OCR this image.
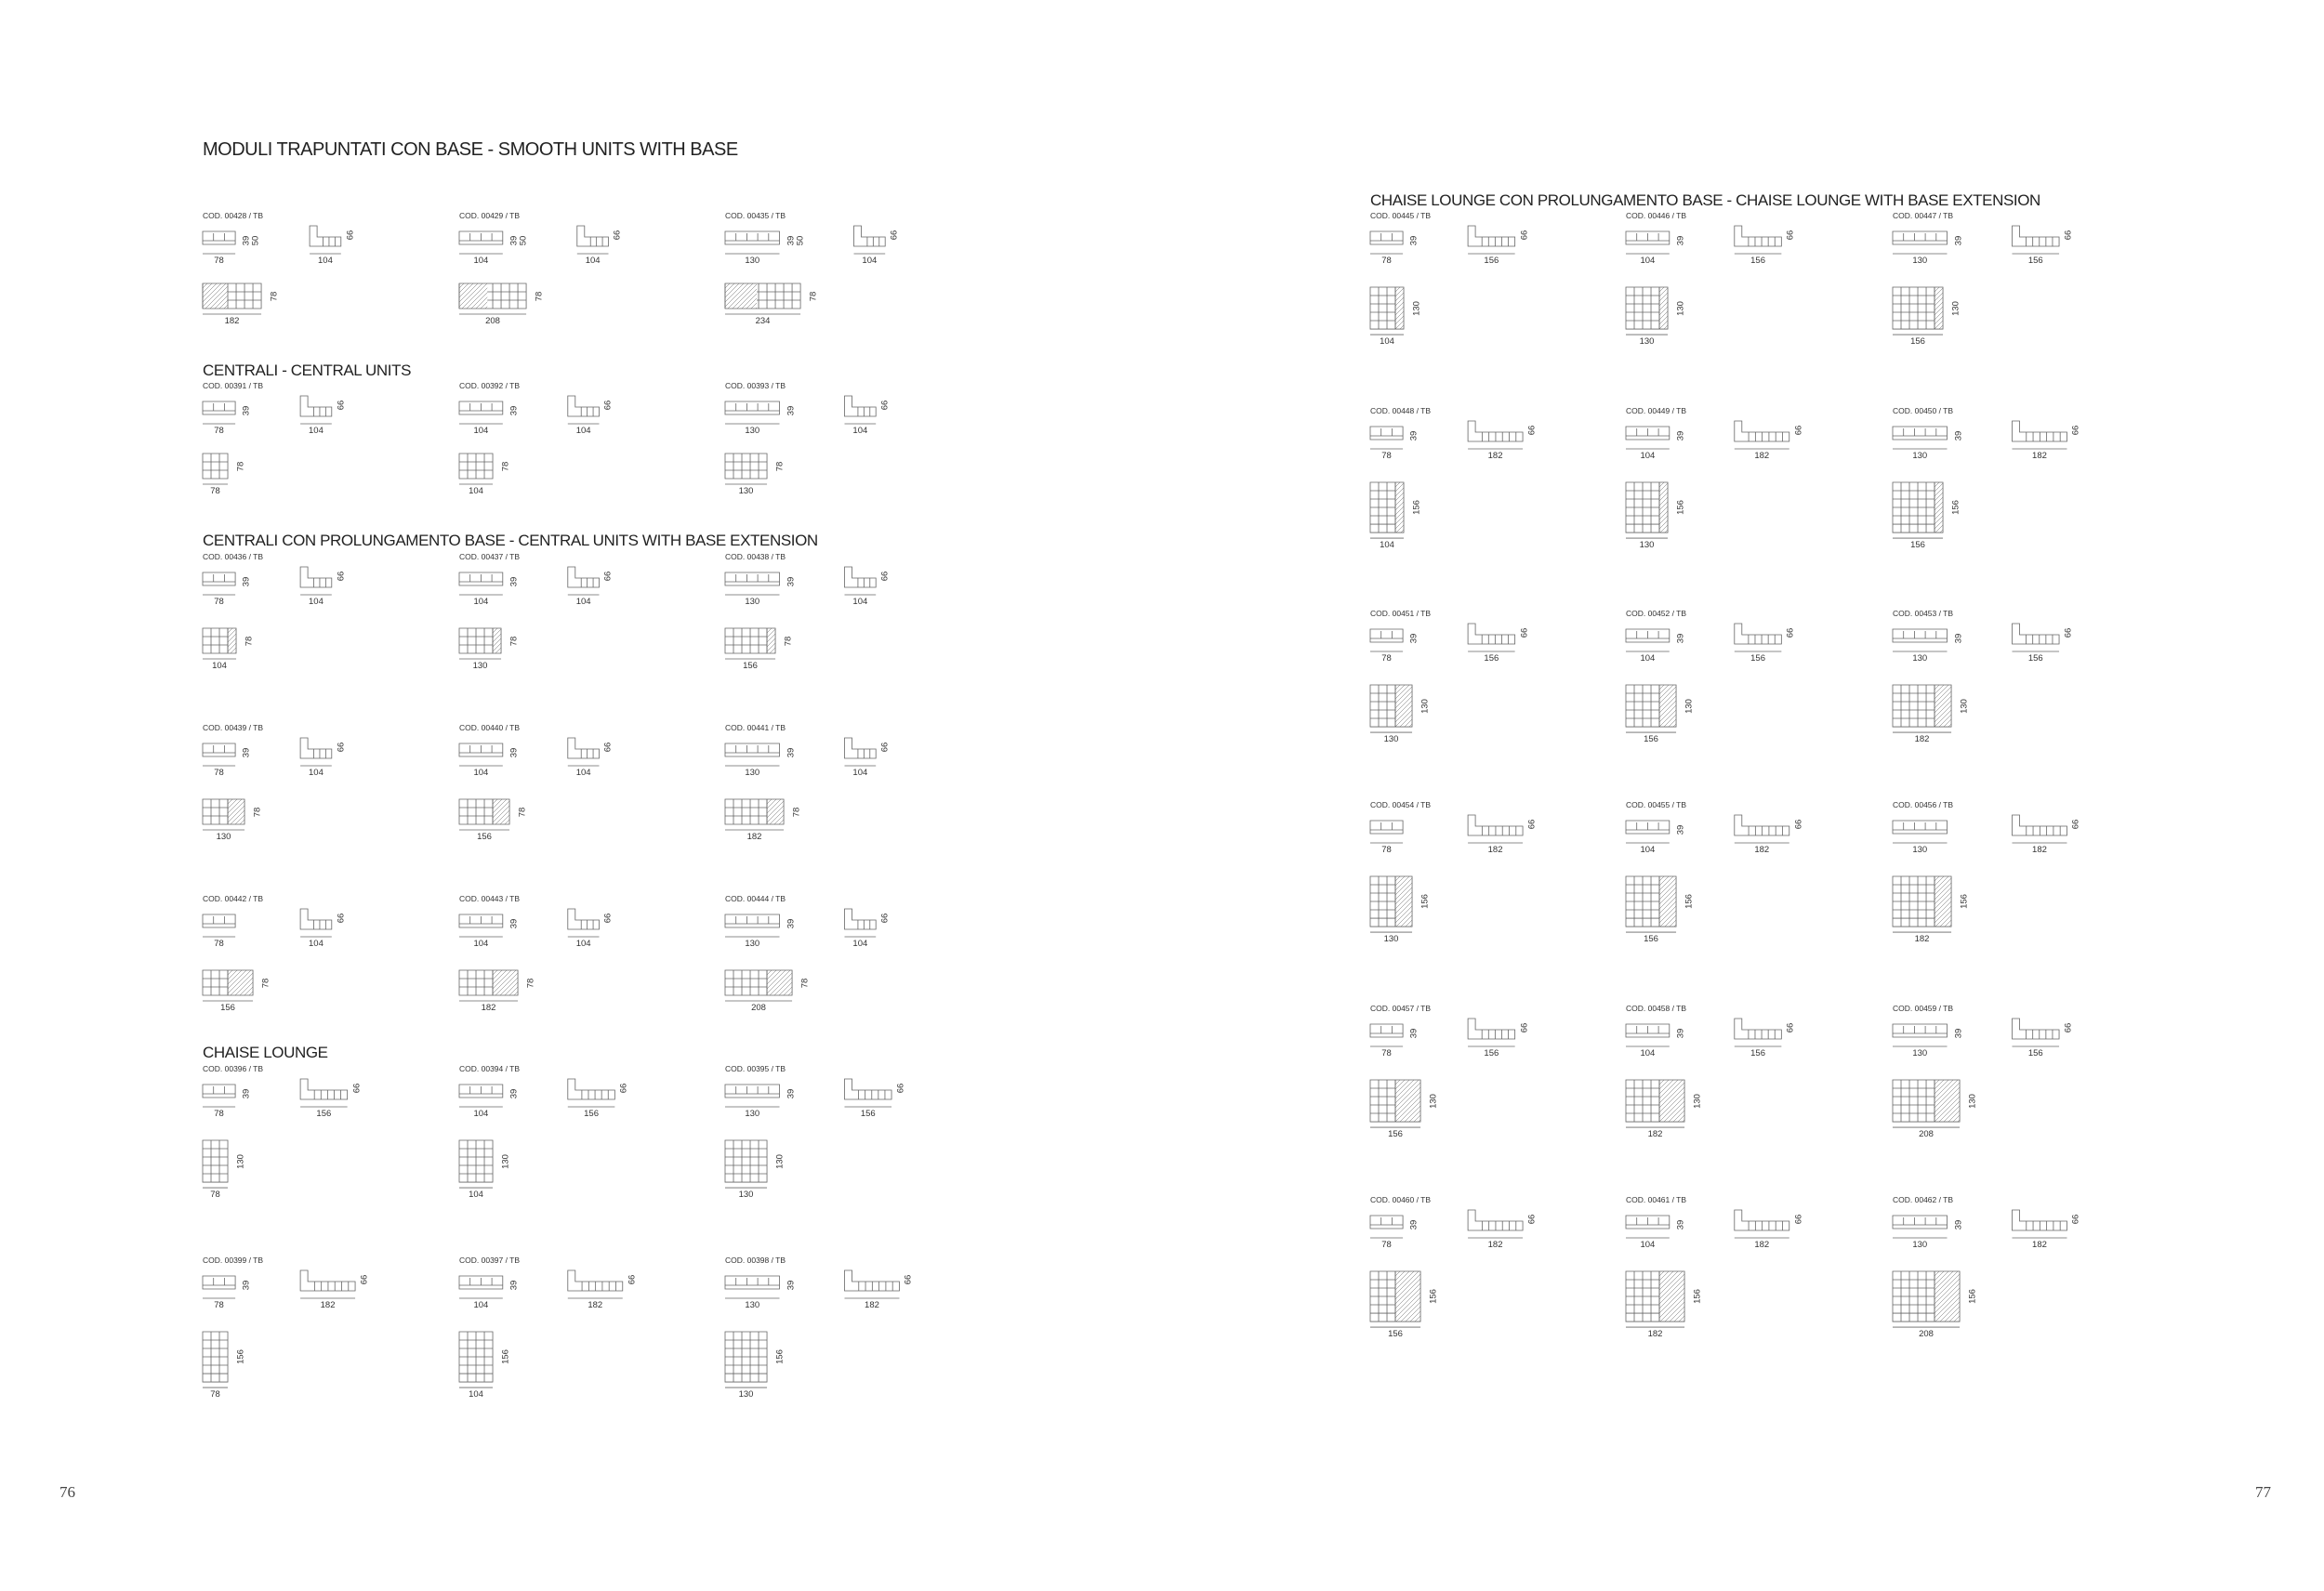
MODULI TRAPUNTATI CON BASE - SMOOTH UNITS WITH BASE
CENTRALI - CENTRAL UNITS
CENTRALI CON PROLUNGAMENTO BASE - CENTRAL UNITS WITH BASE EXTENSION
CHAISE LOUNGE
CHAISE LOUNGE CON PROLUNGAMENTO BASE - CHAISE LOUNGE WITH BASE EXTENSION
76	77
COD. 00428 / TB
78
39 50
104
66
182
78
COD. 00429 / TB
104
39 50
104
66
208
78
COD. 00435 / TB
130
39 50
104
66
234
78
COD. 00391 / TB
78
39
104
66
78
78
COD. 00392 / TB
104
39
104
66
104
78
COD. 00393 / TB
130
39
104
66
130
78
COD. 00436 / TB
78
39
104
66
104
78
COD. 00437 / TB
104
39
104
66
130
78
COD. 00438 / TB
130
39
104
66
156
78
COD. 00439 / TB
78
39
104
66
130
78
COD. 00440 / TB
104
39
104
66
156
78
COD. 00441 / TB
130
39
104
66
182
78
COD. 00442 / TB
78	104
66
156
78
COD. 00443 / TB
104
39
104
66
182
78
COD. 00444 / TB
130
39
104
66
208
78
COD. 00396 / TB
78
39
156
66
78
130
COD. 00394 / TB
104
39
156
66
104
130
COD. 00395 / TB
130
39
156
66
130
130
COD. 00399 / TB
78
39
182
66
78
156
COD. 00397 / TB
104
39
182
66
104
156
COD. 00398 / TB
130
39
182
66
130
156
COD. 00445 / TB
78
39
156
66
104
130
COD. 00446 / TB
104
39
156
66
130
130
COD. 00447 / TB
130
39
156
66
156
130
COD. 00448 / TB
78
39
182
66
104
156
COD. 00449 / TB
104
39
182
66
130
156
COD. 00450 / TB
130
39
182
66
156
156
COD. 00451 / TB
78
39
156
66
130
130
COD. 00452 / TB
104
39
156
66
156
130
COD. 00453 / TB
130
39
156
66
182
130
COD. 00454 / TB
78	182
66
130
156
COD. 00455 / TB
104
39
182
66
156
156
COD. 00456 / TB
130	182
66
182
156
COD. 00457 / TB
78
39
156
66
156
130
COD. 00458 / TB
104
39
156
66
182
130
COD. 00459 / TB
130
39
156
66
208
130
COD. 00460 / TB
78
39
182
66
156
156
COD. 00461 / TB
104
39
182
66
182
156
COD. 00462 / TB
130
39
182
66
208
156
